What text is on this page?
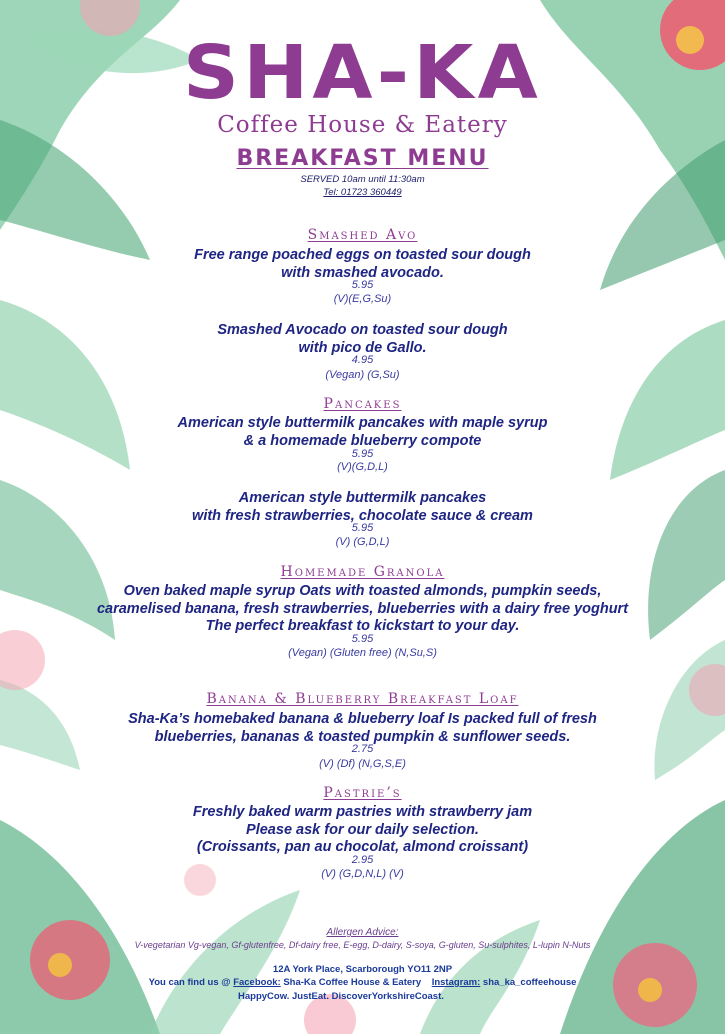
SHA-KA
Coffee House & Eatery
BREAKFAST MENU
SERVED 10am until 11:30am
Tel: 01723 360449
Smashed Avo
Free range poached eggs on toasted sour dough
with smashed avocado.
5.95
(V)(E,G,Su)
Smashed Avocado on toasted sour dough
with pico de Gallo.
4.95
(Vegan) (G,Su)
Pancakes
American style buttermilk pancakes with maple syrup
& a homemade blueberry compote
5.95
(V)(G,D,L)
American style buttermilk pancakes
with fresh strawberries, chocolate sauce & cream
5.95
(V) (G,D,L)
Homemade Granola
Oven baked maple syrup Oats with toasted almonds, pumpkin seeds,
caramelised banana, fresh strawberries, blueberries with a dairy free yoghurt
The perfect breakfast to kickstart to your day.
5.95
(Vegan) (Gluten free) (N,Su,S)
Banana & Blueberry Breakfast Loaf
Sha-Ka’s homebaked banana & blueberry loaf Is packed full of fresh
blueberries, bananas & toasted pumpkin & sunflower seeds.
2.75
(V) (Df) (N,G,S,E)
Pastrie’s
Freshly baked warm pastries with strawberry jam
Please ask for our daily selection.
(Croissants, pan au chocolat, almond croissant)
2.95
(V) (G,D,N,L) (V)
Allergen Advice:
V-vegetarian Vg-vegan, Gf-glutenfree, Df-dairy free, E-egg, D-dairy, S-soya, G-gluten, Su-sulphites, L-lupin N-Nuts
12A York Place, Scarborough YO11 2NP
You can find us @ Facebook: Sha-Ka Coffee House & Eatery Instagram: sha_ka_coffeehouse
HappyCow. JustEat. DiscoverYorkshireCoast.
